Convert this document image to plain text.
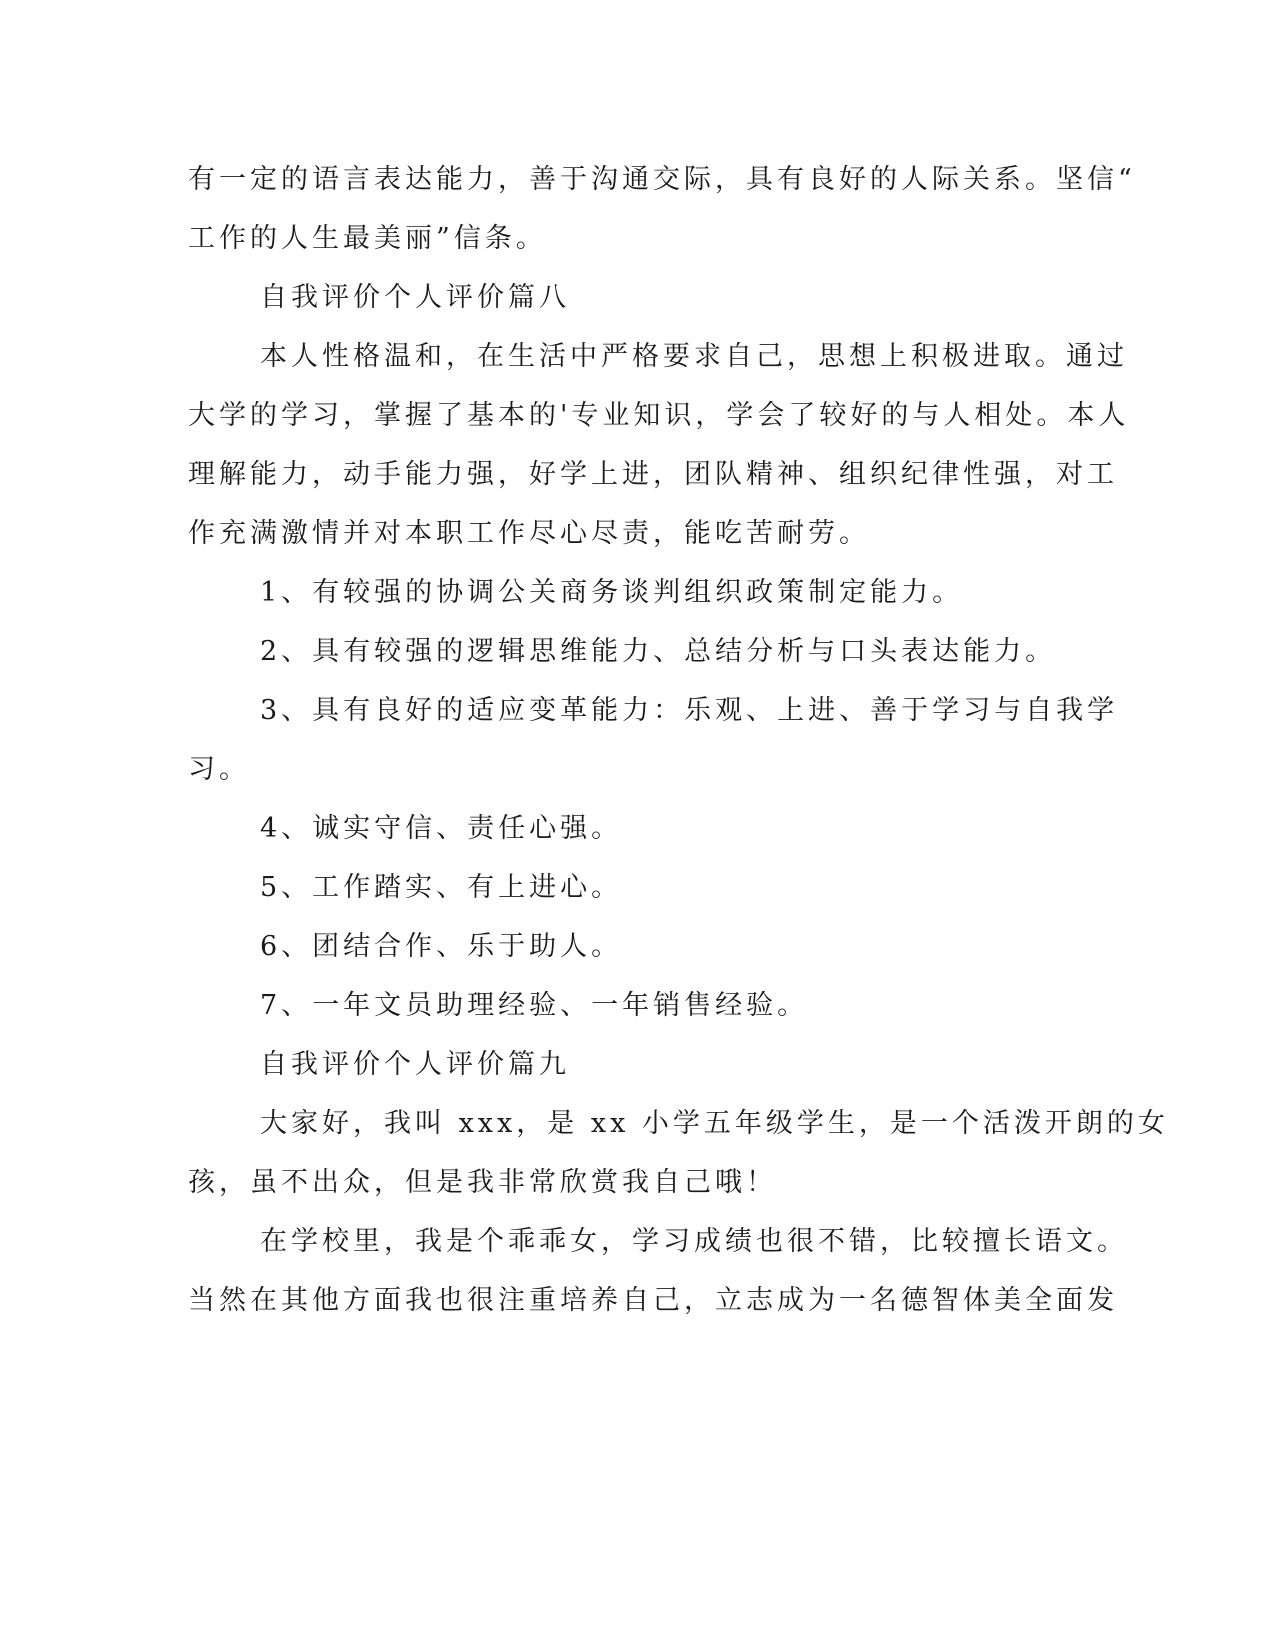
有一定的语言表达能力，善于沟通交际，具有良好的人际关系。坚信“
工作的人生最美丽”信条。
自我评价个人评价篇八
本人性格温和，在生活中严格要求自己，思想上积极进取。通过
大学的学习，掌握了基本的'专业知识，学会了较好的与人相处。本人
理解能力，动手能力强，好学上进，团队精神、组织纪律性强，对工
作充满激情并对本职工作尽心尽责，能吃苦耐劳。
1、有较强的协调公关商务谈判组织政策制定能力。
2、具有较强的逻辑思维能力、总结分析与口头表达能力。
3、具有良好的适应变革能力：乐观、上进、善于学习与自我学
习。
4、诚实守信、责任心强。
5、工作踏实、有上进心。
6、团结合作、乐于助人。
7、一年文员助理经验、一年销售经验。
自我评价个人评价篇九
大家好，我叫 xxx，是 xx 小学五年级学生，是一个活泼开朗的女
孩，虽不出众，但是我非常欣赏我自己哦！
在学校里，我是个乖乖女，学习成绩也很不错，比较擅长语文。
当然在其他方面我也很注重培养自己，立志成为一名德智体美全面发
